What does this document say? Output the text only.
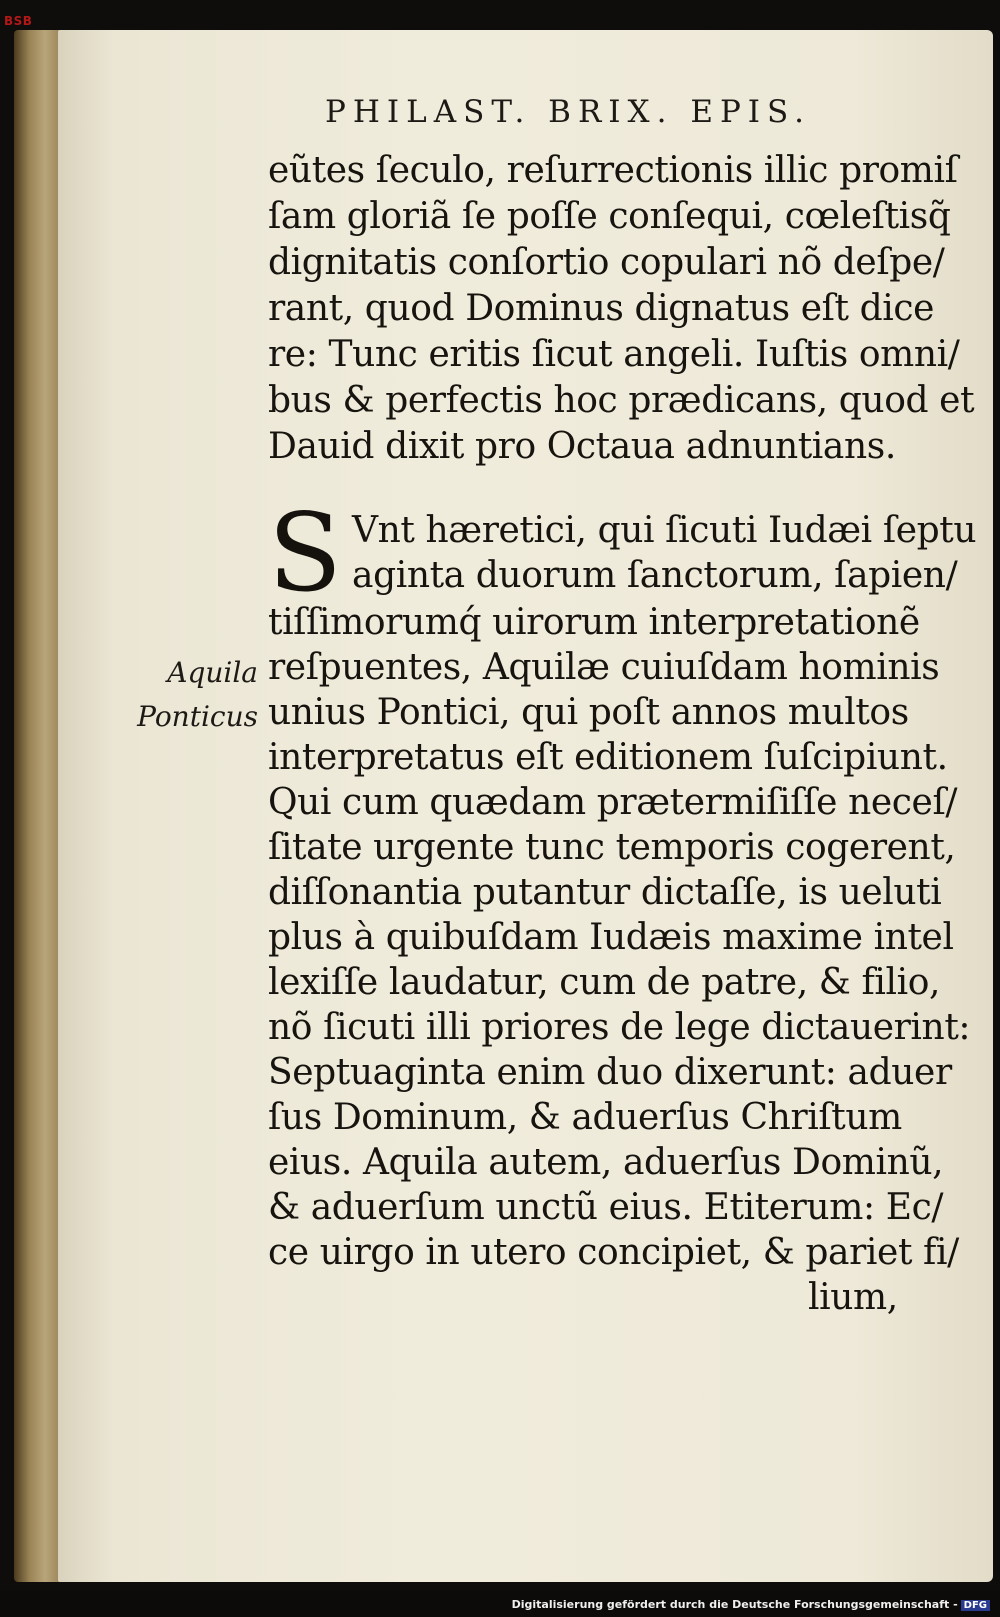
BSB
PHILAST. BRIX. EPIS.
eũtes ſeculo, reſurrectionis illic promiſ
ſam gloriã ſe poſſe conſequi, cœleſtisq̃
dignitatis conſortio copulari nõ deſpe/
rant, quod Dominus dignatus eſt dice
re: Tunc eritis ſicut angeli. Iuſtis omni/
bus & perfectis hoc prædicans, quod et
Dauid dixit pro Octaua adnuntians.
S Vnt hæretici, qui ſicuti Iudæi ſeptu
aginta duorum ſanctorum, ſapien/
tiſſimorumq́ uirorum interpretationẽ
reſpuentes, Aquilæ cuiuſdam hominis
unius Pontici, qui poſt annos multos
interpretatus eſt editionem ſuſcipiunt.
Qui cum quædam prætermiſiſſe neceſ/
ſitate urgente tunc temporis cogerent,
diſſonantia putantur dictaſſe, is ueluti
plus à quibuſdam Iudæis maxime intel
lexiſſe laudatur, cum de patre, & filio,
nõ ſicuti illi priores de lege dictauerint:
Septuaginta enim duo dixerunt: aduer
ſus Dominum, & aduerſus Chriſtum
eius. Aquila autem, aduerſus Dominũ,
& aduerſum unctũ eius. Etiterum: Ec/
ce uirgo in utero concipiet, & pariet fi/
lium,
Aquila
Ponticus
Digitalisierung gefördert durch die Deutsche Forschungsgemeinschaft - DFG
